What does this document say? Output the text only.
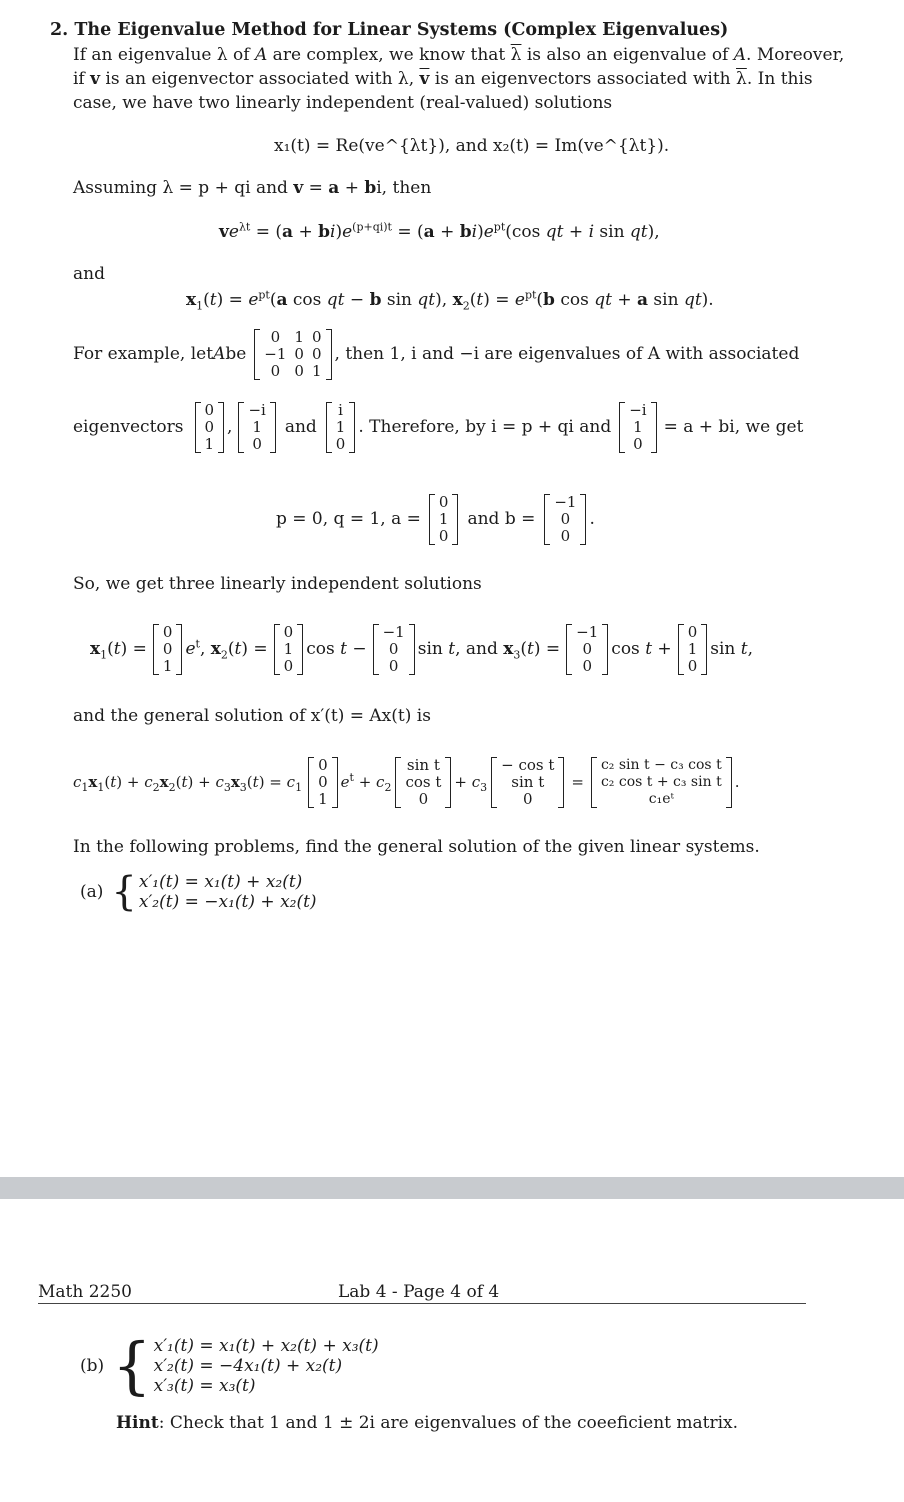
2. The Eigenvalue Method for Linear Systems (Complex Eigenvalues)
If an eigenvalue λ of A are complex, we know that $\overline{\lambda}$ is also an eigenvalue of A. Moreover,
if v is an eigenvector associated with λ, $\overline{v}$ is an eigenvectors associated with $\overline{\lambda}$. In this
case, we have two linearly independent (real-valued) solutions
x₁(t) = Re(ve^{λt}), and x₂(t) = Im(ve^{λt}).
Assuming λ = p + qi and v = a + bi, then
$ve^{\lambda t} = (a + bi)e^{(p+qi)t} = (a + bi)e^{pt}(\cos$ qt + i sin qt),
and
$x_1(t) = e^{pt}(a$ cos qt − b sin qt), $x_2(t) = e^{pt}(b$ cos qt + a sin qt).
For example, let A be
0	1	0
−1	0	0
0	0	1
, then 1, i and −i are eigenvalues of A with associated
eigenvectors
0
0
1
,
−i
1
0
and
i
1
0
. Therefore, by i = p + qi and
−i
1
0
= a + bi, we get
p = 0, q = 1, a =
0
1
0
and b =
−1
0
0
.
So, we get three linearly independent solutions
$x_1(t)$ =
0
0
1
$e^t$, $x_2(t)$ =
0
1
0
cos t −
−1
0
0
sin t, and $x_3(t)$ =
−1
0
0
cos t +
0
1
0
sin t,
and the general solution of x′(t) = Ax(t) is
$c_1x_1(t) + c_2x_2(t) + c_3x_3(t) = c_1$
0
0
1
$e^t + c_2$
sin t
cos t
0
+ $c_3$
− cos t
sin t
0
=
c₂ sin t − c₃ cos t
c₂ cos t + c₃ sin t
c₁eᵗ
.
In the following problems, find the general solution of the given linear systems.
(a) { x′₁(t) = x₁(t) + x₂(t)
x′₂(t) = −x₁(t) + x₂(t)
Math 2250	Lab 4 - Page 4 of 4
(b) { x′₁(t) = x₁(t) + x₂(t) + x₃(t)
x′₂(t) = −4x₁(t) + x₂(t)
x′₃(t) = x₃(t)
Hint: Check that 1 and 1 ± 2i are eigenvalues of the coeeficient matrix.
